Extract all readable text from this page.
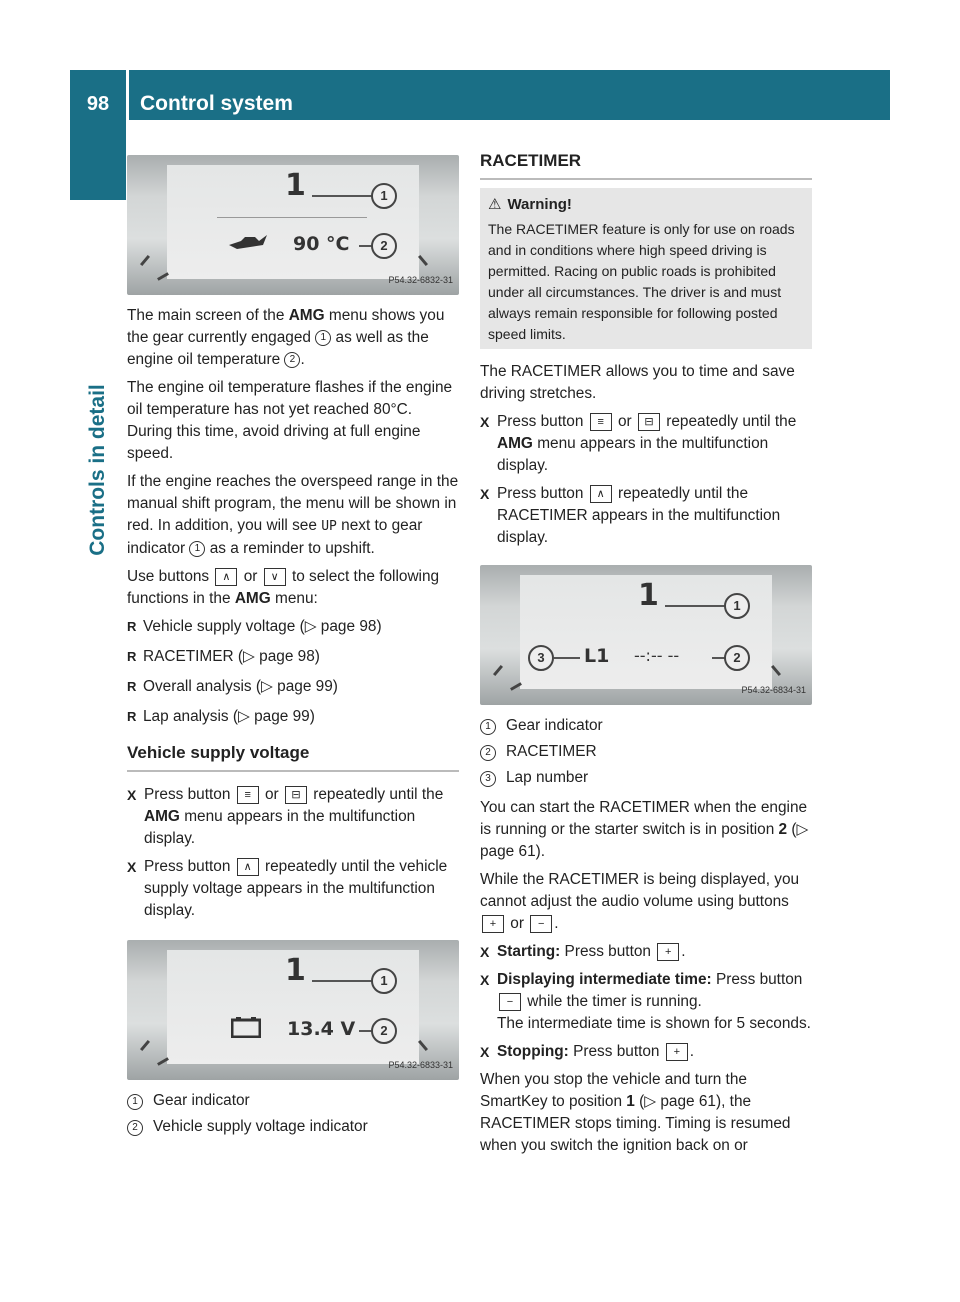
98	Control system
Controls in detail
1	1
90 °C	2
P54.32-6832-31

The main screen of the AMG menu shows you the gear currently engaged 1 as well as the engine oil temperature 2 .

The engine oil temperature flashes if the engine oil temperature has not yet reached 80°C. During this time, avoid driving at full engine speed.

If the engine reaches the overspeed range in the manual shift program, the menu will be shown in red. In addition, you will see UP next to gear indicator 1 as a reminder to upshift.

Use buttons ∧ or ∨ to select the following functions in the AMG menu:

R Vehicle supply voltage (▷ page 98)
R RACETIMER (▷ page 98)
R Overall analysis (▷ page 99)
R Lap analysis (▷ page 99)
Vehicle supply voltage
X Press button ≡ or ⊟ repeatedly until the AMG menu appears in the multifunction display.
X Press button ∧ repeatedly until the vehicle supply voltage appears in the multifunction display.
1	1
13.4 V	2
P54.32-6833-31
1 Gear indicator
2 Vehicle supply voltage indicator
RACETIMER
⚠ Warning!
The RACETIMER feature is only for use on roads and in conditions where high speed driving is permitted. Racing on public roads is prohibited under all circumstances. The driver is and must always remain responsible for following posted speed limits.

The RACETIMER allows you to time and save driving stretches.

X Press button ≡ or ⊟ repeatedly until the AMG menu appears in the multifunction display.
X Press button ∧ repeatedly until the RACETIMER appears in the multifunction display.
1	1
3	L1 --:-- --	2
P54.32-6834-31
1 Gear indicator
2 RACETIMER
3 Lap number

You can start the RACETIMER when the engine is running or the starter switch is in position 2 (▷ page 61).

While the RACETIMER is being displayed, you cannot adjust the audio volume using buttons + or − .

X Starting: Press button + .
X Displaying intermediate time: Press button − while the timer is running.
The intermediate time is shown for 5 seconds.
X Stopping: Press button + .

When you stop the vehicle and turn the SmartKey to position 1 (▷ page 61), the RACETIMER stops timing. Timing is resumed when you switch the ignition back on or
